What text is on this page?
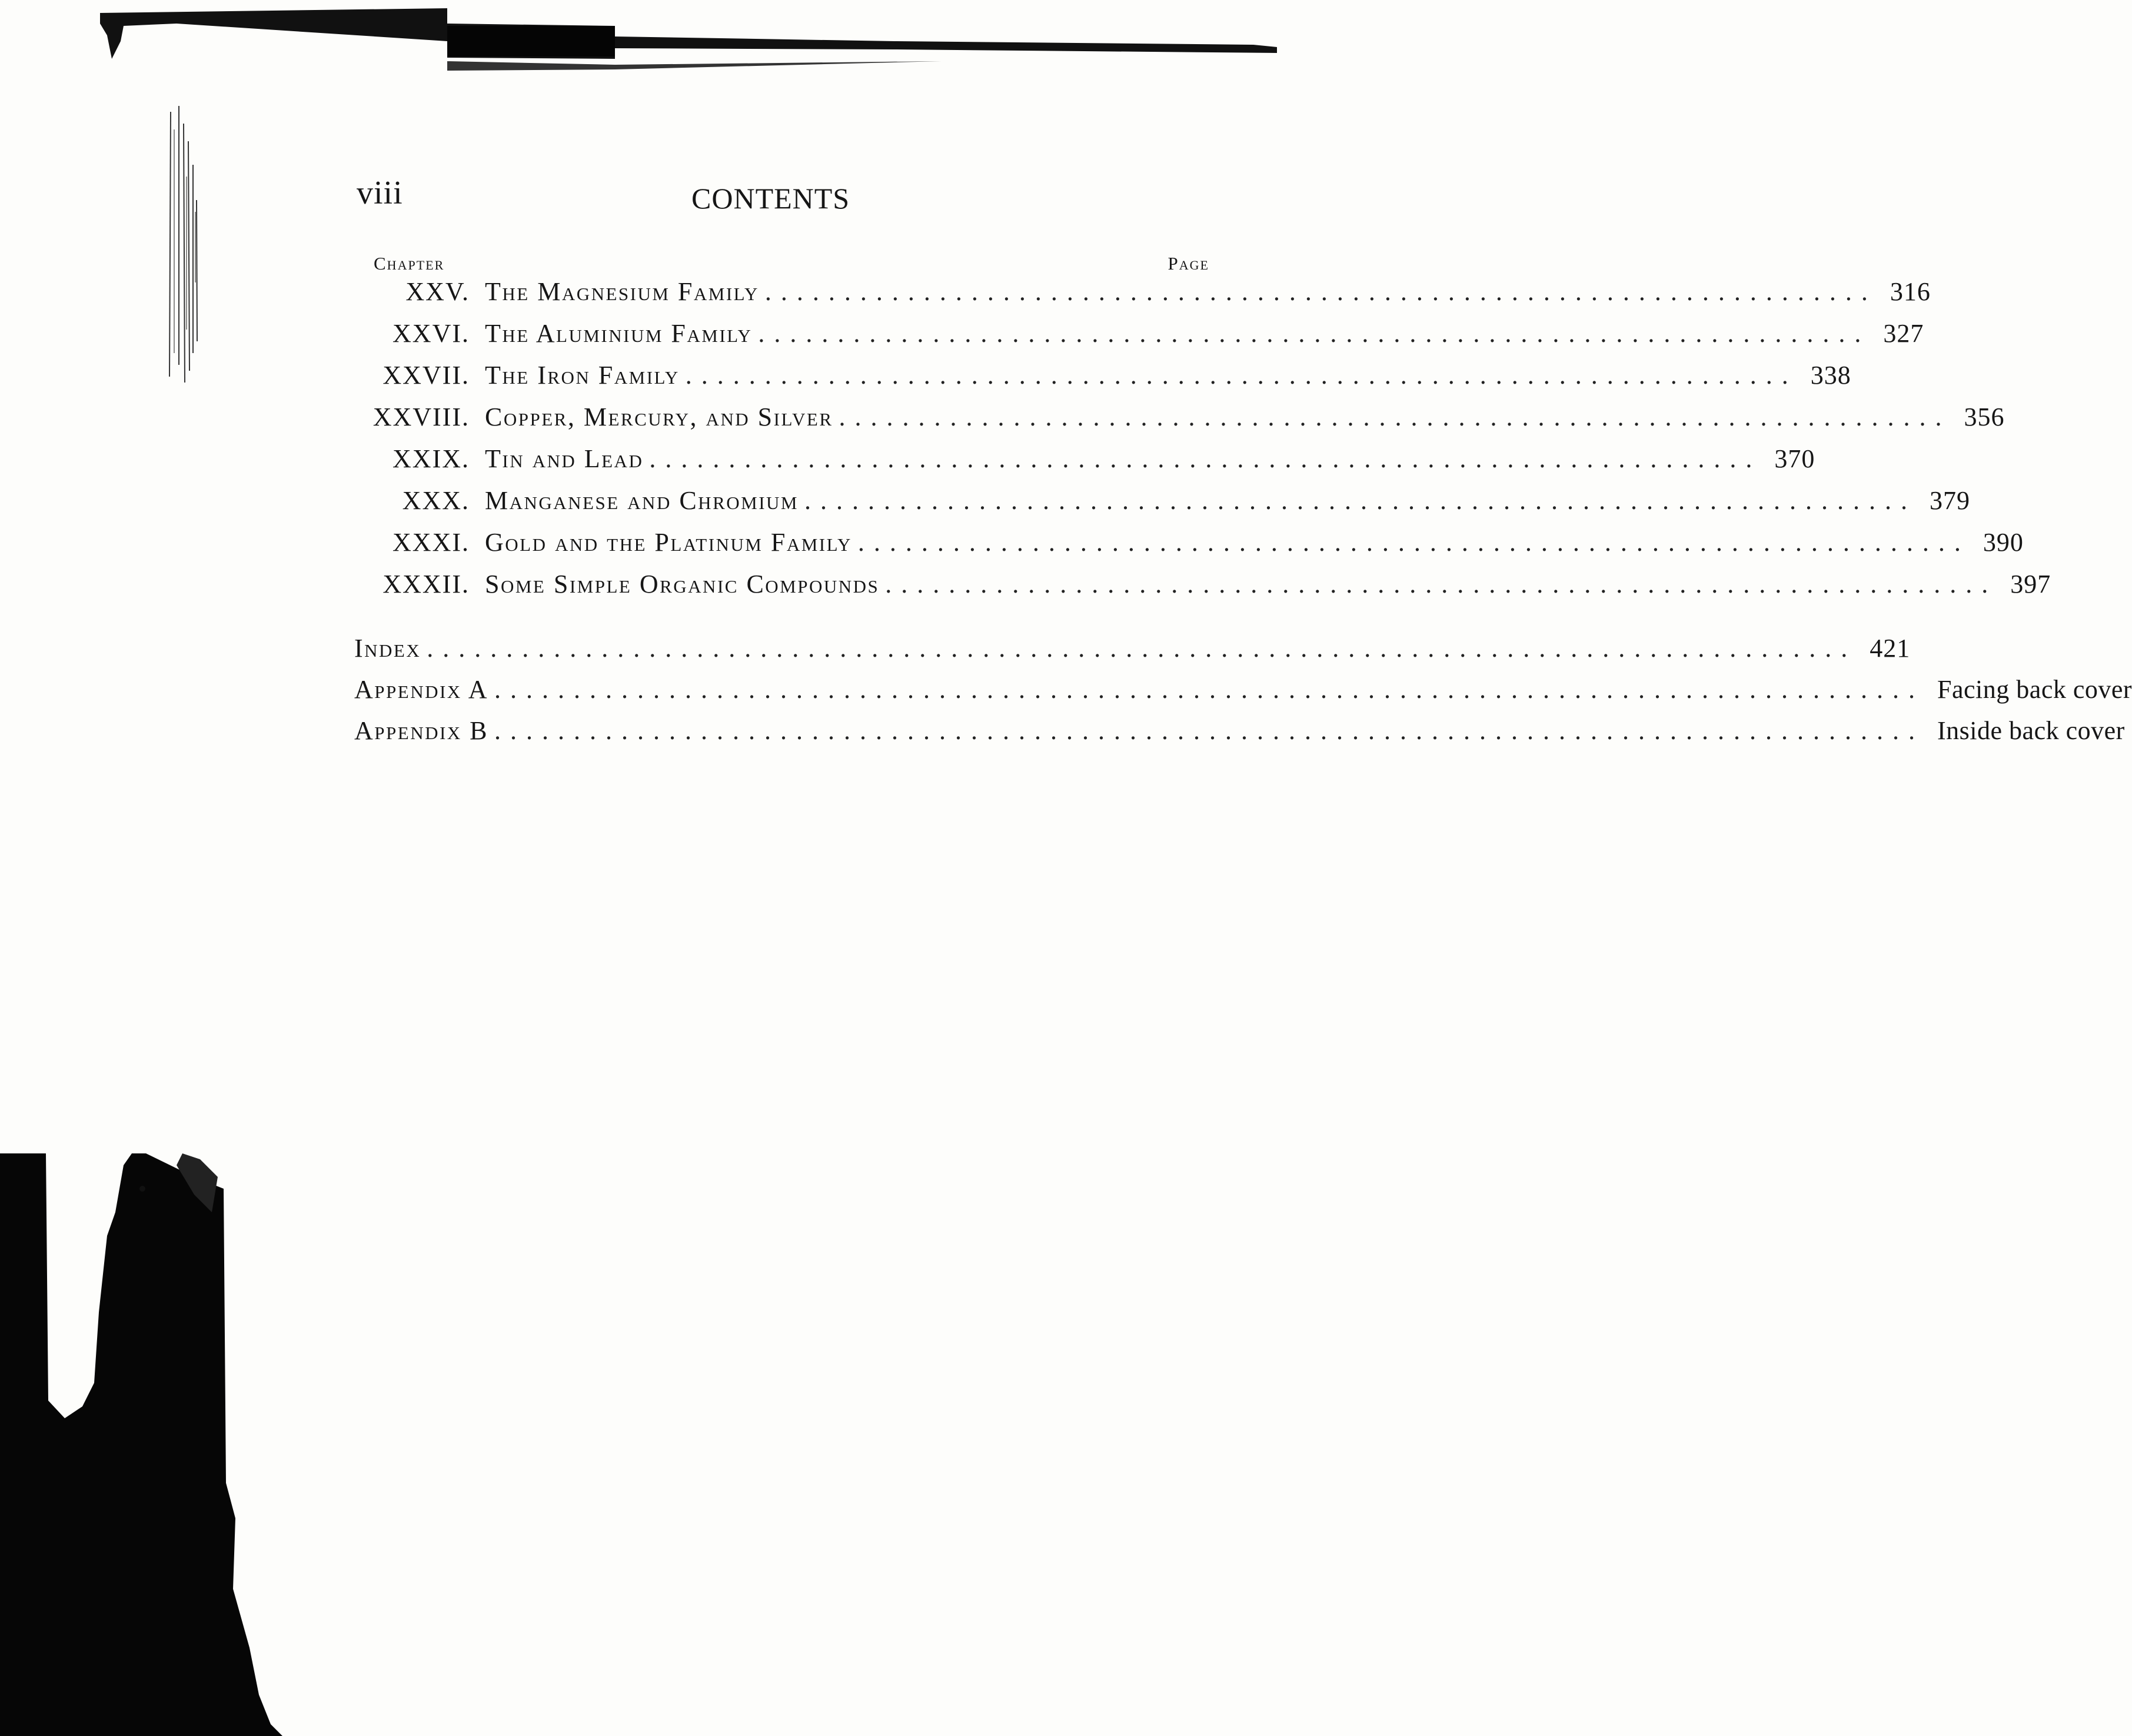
viii	CONTENTS
Chapter	Page
XXV. The Magnesium Family ...................................................................... 316
XXVI. The Aluminium Family ...................................................................... 327
XXVII. The Iron Family ...................................................................... 338
XXVIII. Copper, Mercury, and Silver ...................................................................... 356
XXIX. Tin and Lead ...................................................................... 370
XXX. Manganese and Chromium ...................................................................... 379
XXXI. Gold and the Platinum Family ...................................................................... 390
XXXII. Some Simple Organic Compounds ...................................................................... 397
Index .......................................................................................... 421
Appendix A .......................................................................................... Facing back cover
Appendix B .......................................................................................... Inside back cover
